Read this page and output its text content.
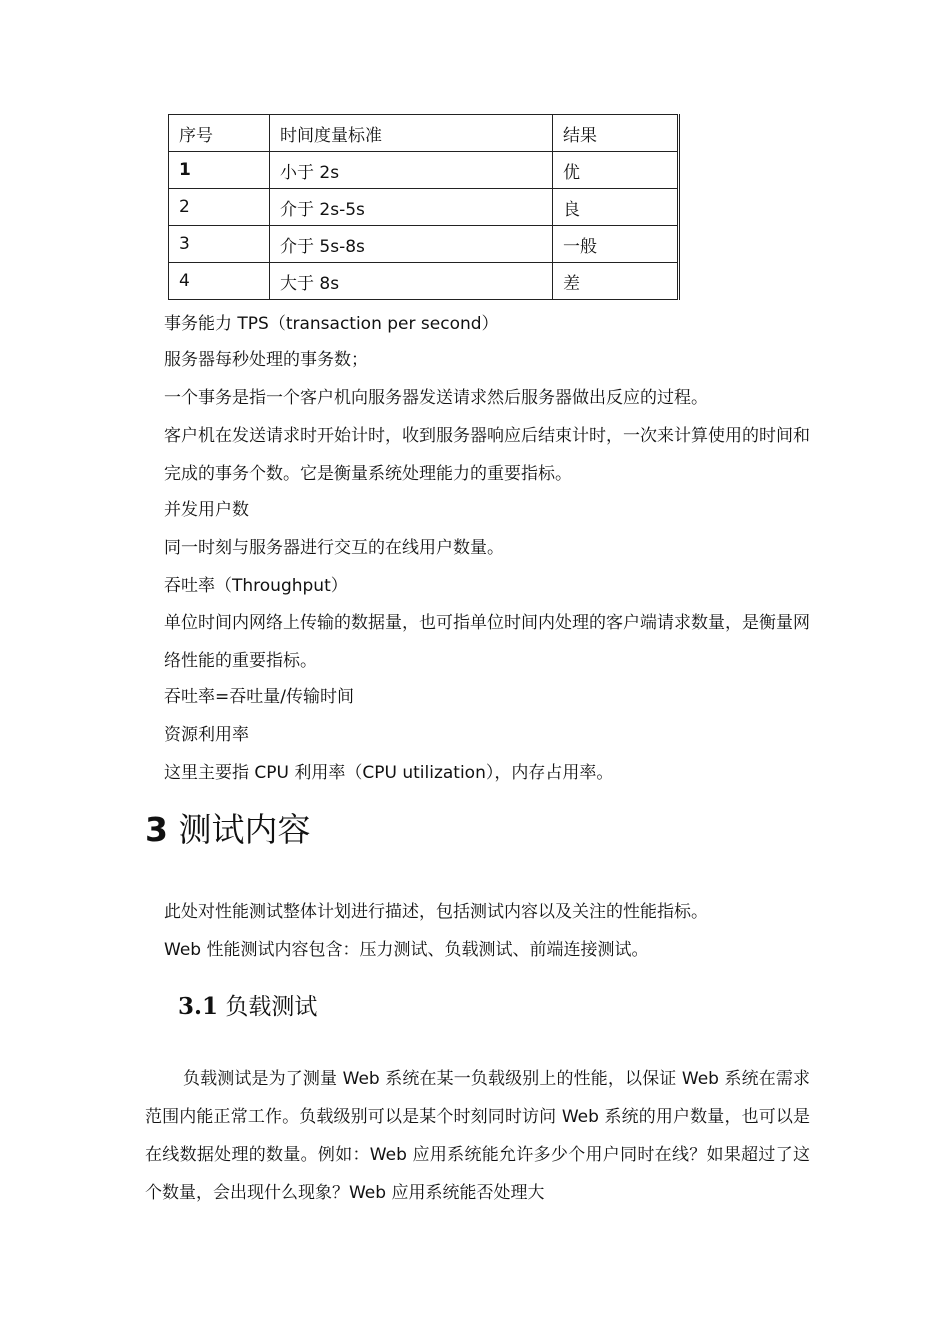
序号	时间度量标准	结果
1	小于 2s	优
2	介于 2s-5s	良
3	介于 5s-8s	一般
4	大于 8s	差
事务能力 TPS（transaction per second）
服务器每秒处理的事务数；
一个事务是指一个客户机向服务器发送请求然后服务器做出反应的过程。
客户机在发送请求时开始计时，收到服务器响应后结束计时，一次来计算使用的时间和完成的事务个数。它是衡量系统处理能力的重要指标。
并发用户数
同一时刻与服务器进行交互的在线用户数量。
吞吐率（Throughput）
单位时间内网络上传输的数据量，也可指单位时间内处理的客户端请求数量，是衡量网络性能的重要指标。
吞吐率=吞吐量/传输时间
资源利用率
这里主要指 CPU 利用率（CPU utilization），内存占用率。
3 测试内容
此处对性能测试整体计划进行描述，包括测试内容以及关注的性能指标。
Web 性能测试内容包含：压力测试、负载测试、前端连接测试。
3.1 负载测试
负载测试是为了测量 Web 系统在某一负载级别上的性能，以保证 Web 系统在需求范围内能正常工作。负载级别可以是某个时刻同时访问 Web 系统的用户数量，也可以是在线数据处理的数量。例如：Web 应用系统能允许多少个用户同时在线？如果超过了这个数量，会出现什么现象？Web 应用系统能否处理大
